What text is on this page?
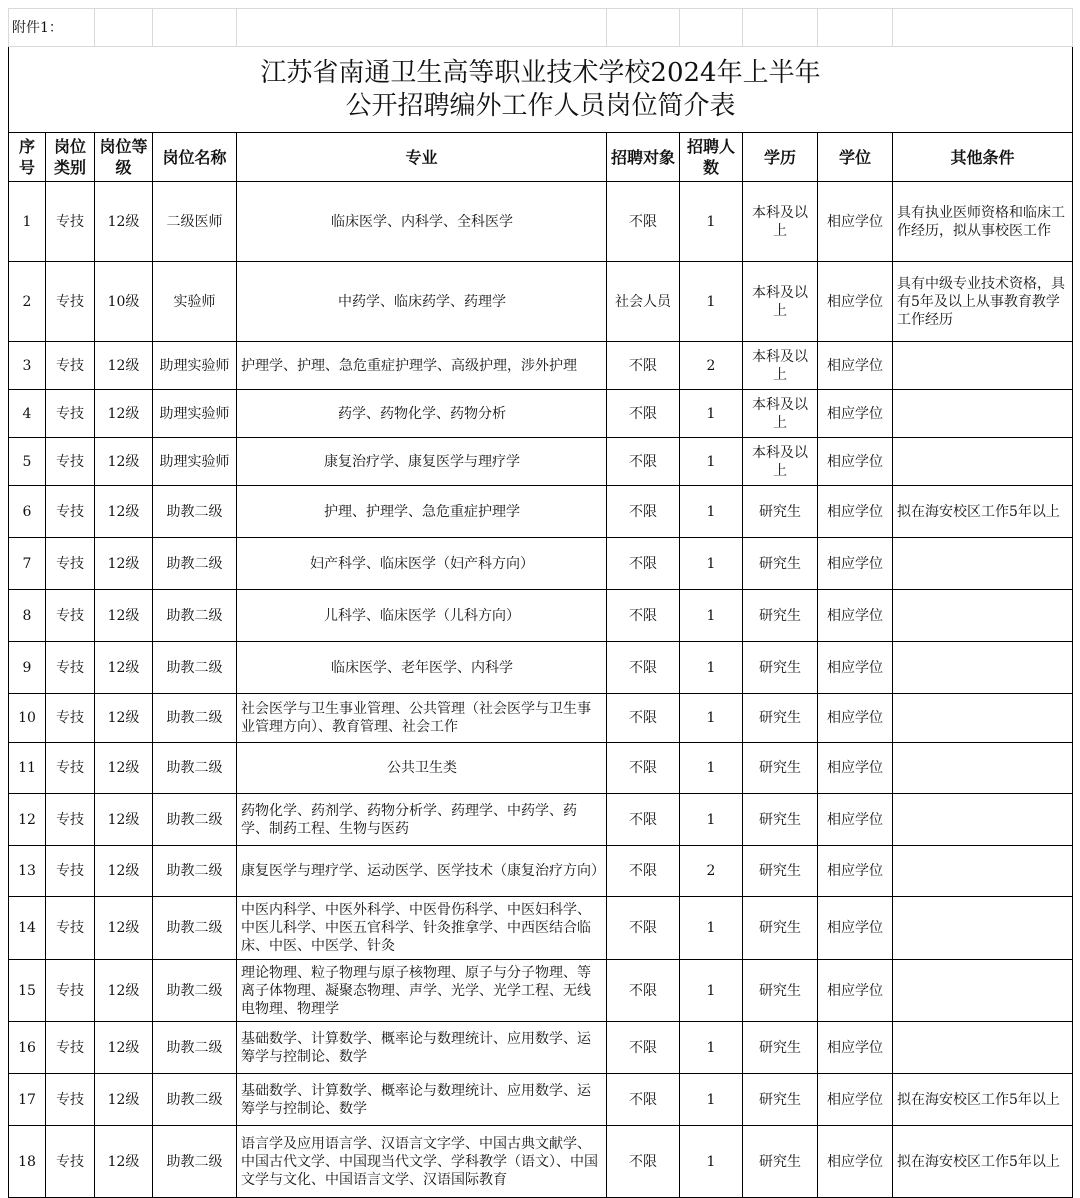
附件1：									

江苏省南通卫生高等职业技术学校2024年上半年
公开招聘编外工作人员岗位简介表									

序号	岗位类别	岗位等级	岗位名称	专业	招聘对象	招聘人数	学历	学位	其他条件
1	专技	12级	二级医师	临床医学、内科学、全科医学	不限	1	本科及以上	相应学位	具有执业医师资格和临床工作经历，拟从事校医工作
2	专技	10级	实验师	中药学、临床药学、药理学	社会人员	1	本科及以上	相应学位	具有中级专业技术资格，具有5年及以上从事教育教学工作经历
3	专技	12级	助理实验师	护理学、护理、急危重症护理学、高级护理，涉外护理	不限	2	本科及以上	相应学位	
4	专技	12级	助理实验师	药学、药物化学、药物分析	不限	1	本科及以上	相应学位	
5	专技	12级	助理实验师	康复治疗学、康复医学与理疗学	不限	1	本科及以上	相应学位	
6	专技	12级	助教二级	护理、护理学、急危重症护理学	不限	1	研究生	相应学位	拟在海安校区工作5年以上
7	专技	12级	助教二级	妇产科学、临床医学（妇产科方向）	不限	1	研究生	相应学位	
8	专技	12级	助教二级	儿科学、临床医学（儿科方向）	不限	1	研究生	相应学位	
9	专技	12级	助教二级	临床医学、老年医学、内科学	不限	1	研究生	相应学位	
10	专技	12级	助教二级	社会医学与卫生事业管理、公共管理（社会医学与卫生事业管理方向）、教育管理、社会工作	不限	1	研究生	相应学位	
11	专技	12级	助教二级	公共卫生类	不限	1	研究生	相应学位	
12	专技	12级	助教二级	药物化学、药剂学、药物分析学、药理学、中药学、药学、制药工程、生物与医药	不限	1	研究生	相应学位	
13	专技	12级	助教二级	康复医学与理疗学、运动医学、医学技术（康复治疗方向）	不限	2	研究生	相应学位	
14	专技	12级	助教二级	中医内科学、中医外科学、中医骨伤科学、中医妇科学、中医儿科学、中医五官科学、针灸推拿学、中西医结合临床、中医、中医学、针灸	不限	1	研究生	相应学位	
15	专技	12级	助教二级	理论物理、粒子物理与原子核物理、原子与分子物理、等离子体物理、凝聚态物理、声学、光学、光学工程、无线电物理、物理学	不限	1	研究生	相应学位	
16	专技	12级	助教二级	基础数学、计算数学、概率论与数理统计、应用数学、运筹学与控制论、数学	不限	1	研究生	相应学位	
17	专技	12级	助教二级	基础数学、计算数学、概率论与数理统计、应用数学、运筹学与控制论、数学	不限	1	研究生	相应学位	拟在海安校区工作5年以上
18	专技	12级	助教二级	语言学及应用语言学、汉语言文字学、中国古典文献学、中国古代文学、中国现当代文学、学科教学（语文）、中国文学与文化、中国语言文学、汉语国际教育	不限	1	研究生	相应学位	拟在海安校区工作5年以上
